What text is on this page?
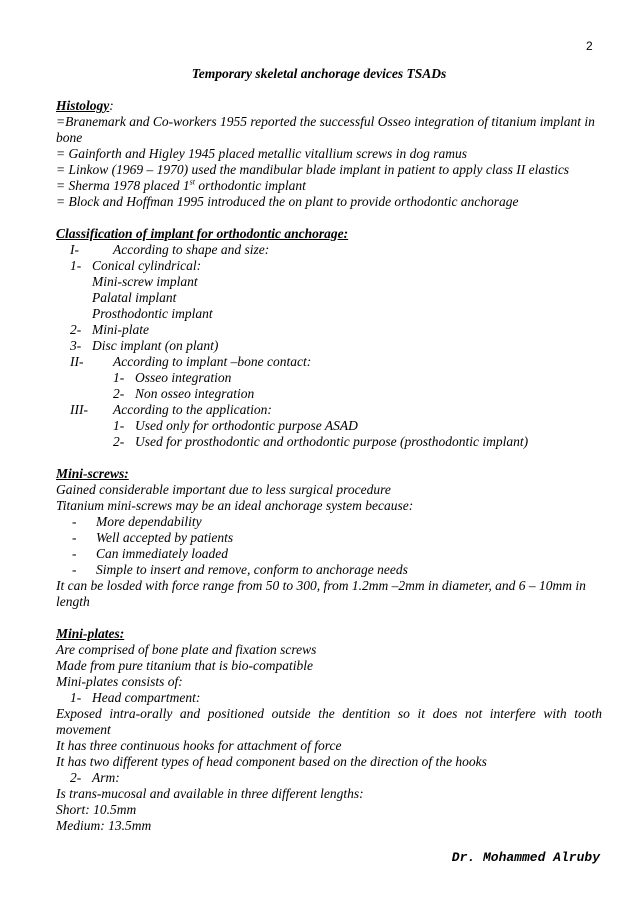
2
Temporary skeletal anchorage devices TSADs
Histology:
=Branemark and Co-workers 1955 reported the successful Osseo integration of titanium implant in bone
= Gainforth and Higley 1945 placed metallic vitallium screws in dog ramus
= Linkow (1969 – 1970) used the mandibular blade implant in patient to apply class II elastics
= Sherma 1978 placed 1st orthodontic implant
= Block and Hoffman 1995 introduced the on plant to provide orthodontic anchorage
Classification of implant for orthodontic anchorage:
I-	According to shape and size:
1- Conical cylindrical:
Mini-screw implant
Palatal implant
Prosthodontic implant
2- Mini-plate
3- Disc implant (on plant)
II- According to implant –bone contact:
1- Osseo integration
2- Non osseo integration
III- According to the application:
1- Used only for orthodontic purpose ASAD
2- Used for prosthodontic and orthodontic purpose (prosthodontic implant)
Mini-screws:
Gained considerable important due to less surgical procedure
Titanium mini-screws may be an ideal anchorage system because:
- More dependability
- Well accepted by patients
- Can immediately loaded
- Simple to insert and remove, conform to anchorage needs
It can be losded with force range from 50 to 300, from 1.2mm –2mm in diameter, and 6 – 10mm in length
Mini-plates:
Are comprised of bone plate and fixation screws
Made from pure titanium that is bio-compatible
Mini-plates consists of:
1- Head compartment:
Exposed intra-orally and positioned outside the dentition so it does not interfere with tooth movement
It has three continuous hooks for attachment of force
It has two different types of head component based on the direction of the hooks
2- Arm:
Is trans-mucosal and available in three different lengths:
Short: 10.5mm
Medium: 13.5mm
Dr. Mohammed Alruby
